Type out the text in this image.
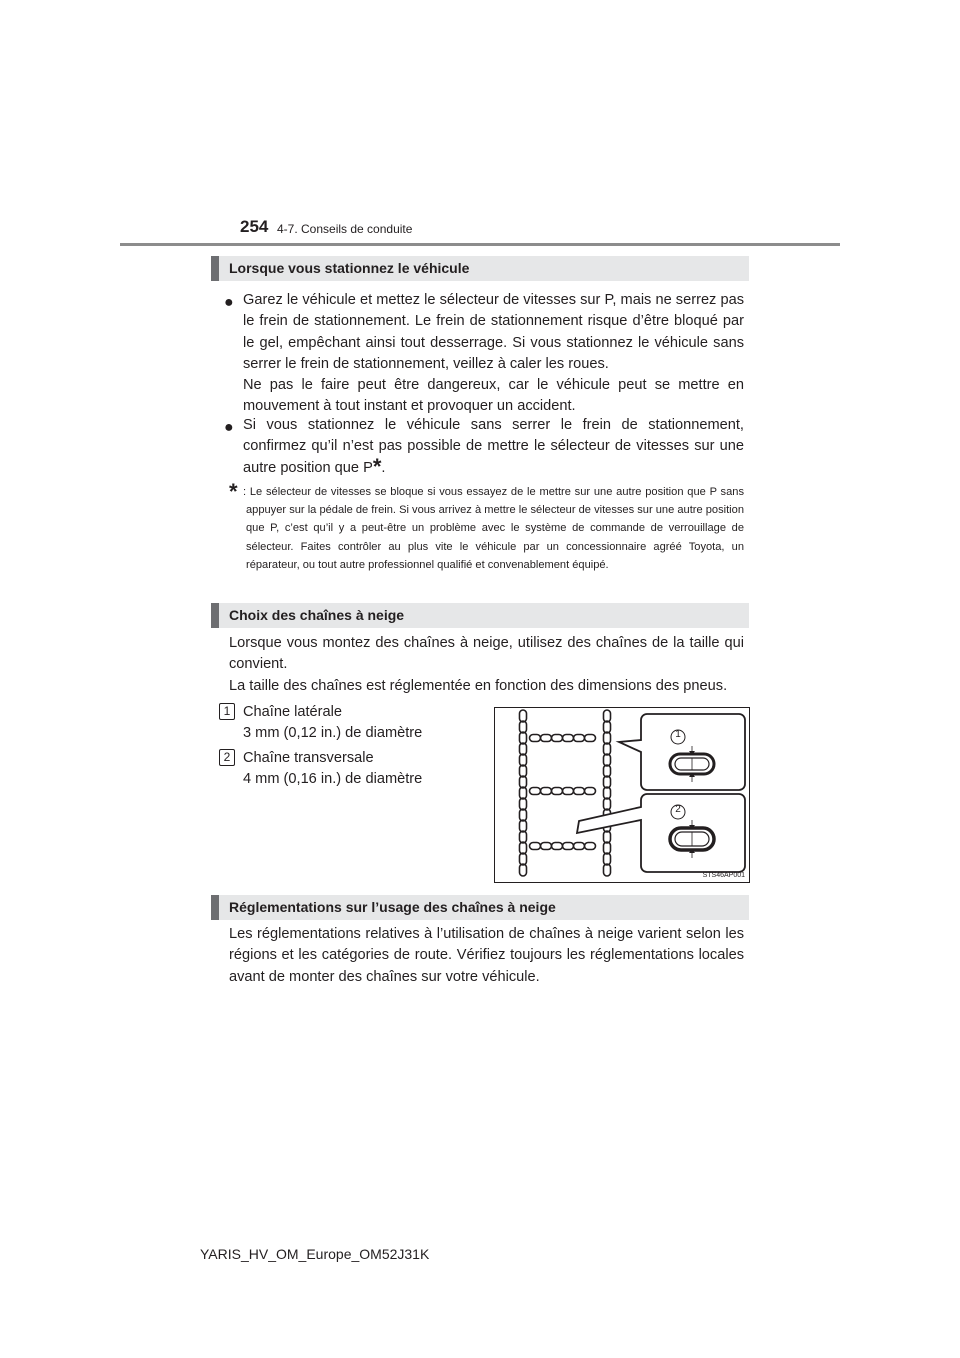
254 4-7. Conseils de conduite
Lorsque vous stationnez le véhicule
● Garez le véhicule et mettez le sélecteur de vitesses sur P, mais ne serrez pas le frein de stationnement. Le frein de stationnement risque d’être bloqué par le gel, empêchant ainsi tout desserrage. Si vous stationnez le véhicule sans serrer le frein de stationnement, veillez à caler les roues.
Ne pas le faire peut être dangereux, car le véhicule peut se mettre en mouvement à tout instant et provoquer un accident.
● Si vous stationnez le véhicule sans serrer le frein de stationnement, confirmez qu’il n’est pas possible de mettre le sélecteur de vitesses sur une autre position que P*.
* : Le sélecteur de vitesses se bloque si vous essayez de le mettre sur une autre position que P sans appuyer sur la pédale de frein. Si vous arrivez à mettre le sélecteur de vitesses sur une autre position que P, c’est qu’il y a peut-être un problème avec le système de commande de verrouillage de sélecteur. Faites contrôler au plus vite le véhicule par un concessionnaire agréé Toyota, un réparateur, ou tout autre professionnel qualifié et convenablement équipé.
Choix des chaînes à neige
Lorsque vous montez des chaînes à neige, utilisez des chaînes de la taille qui convient.
La taille des chaînes est réglementée en fonction des dimensions des pneus.
1 Chaîne latérale
3 mm (0,12 in.) de diamètre
2 Chaîne transversale
4 mm (0,16 in.) de diamètre
1
2
STS46AP001
Réglementations sur l’usage des chaînes à neige
Les réglementations relatives à l’utilisation de chaînes à neige varient selon les régions et les catégories de route. Vérifiez toujours les réglementations locales avant de monter des chaînes sur votre véhicule.
YARIS_HV_OM_Europe_OM52J31K
